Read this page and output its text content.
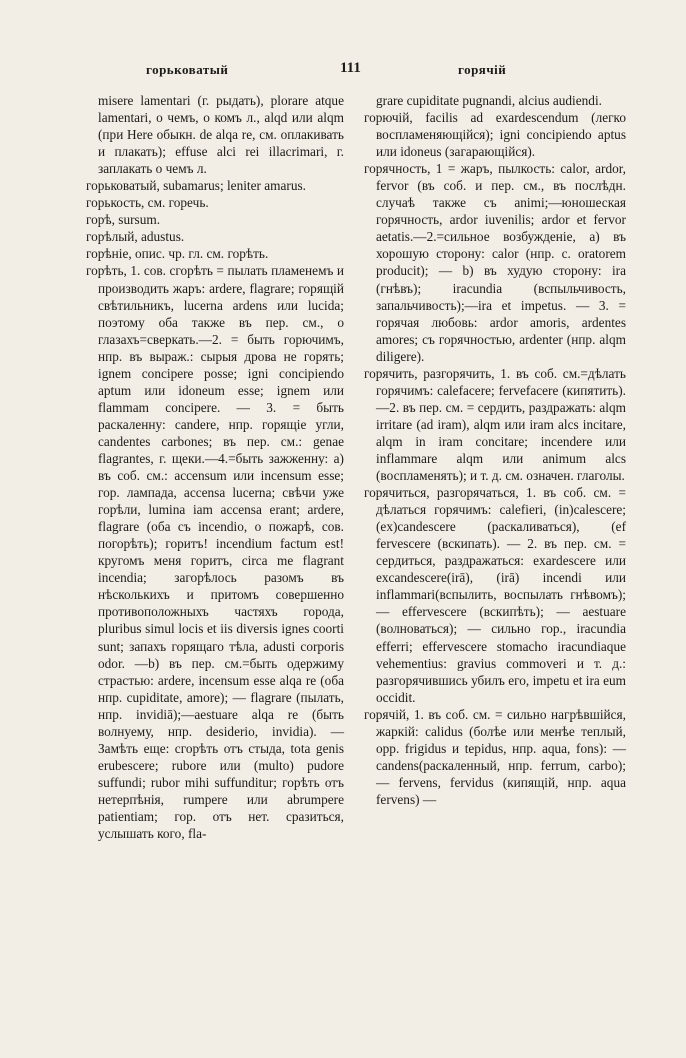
горьковатый	111	горячій

misere lamentari (г. рыдать), plorare atque lamentari, о чемъ, о комъ л., alqd или alqm (при Here обыкн. de alqa re, см. оплакивать и плакать); effuse alci rei illacrimari, г. заплакать о чемъ л.

горьковатый, subamarus; leniter amarus.

горькость, см. горечь.

горѣ, sursum.

горѣлый, adustus.

горѣніе, опис. чр. гл. см. горѣть.

горѣть, 1. сов. сгорѣть = пылать пламенемъ и производить жаръ: ardere, flagrare; горящій свѣтильникъ, lucerna ardens или lucida; поэтому оба также въ пер. см., о глазахъ=сверкать.—2. = быть горючимъ, нпр. въ выраж.: сырыя дрова не горять; ignem concipere posse; igni concipiendo aptum или idoneum esse; ignem или flammam concipere. — 3. = быть раскаленну: candere, нпр. горящіе угли, candentes carbones; въ пер. см.: genae flagrantes, г. щеки.—4.=быть зажженну: а) въ соб. см.: accensum или incensum esse; гор. лампада, accensa lucerna; свѣчи уже горѣли, lumina iam accensa erant; ardere, flagrare (оба съ incendio, о пожарѣ, сов. погорѣть); горитъ! incendium factum est! кругомъ меня горитъ, circa me flagrant incendia; загорѣлось разомъ въ нѣсколькихъ и притомъ совершенно противоположныхъ частяхъ города, pluribus simul locis et iis diversis ignes coorti sunt; запахъ горящаго тѣла, adusti corporis odor. —b) въ пер. см.=быть одержиму страстью: ardere, incensum esse alqa re (оба нпр. cupiditate, amore); — flagrare (пылать, нпр. invidiā);—aestuare alqa re (быть волнуему, нпр. desiderio, invidia). — Замѣть еще: сгорѣть отъ стыда, tota genis erubescere; rubore или (multo) pudore suffundi; rubor mihi suffunditur; горѣть отъ нетерпѣнія, rumpere или abrumpere patientiam; гор. отъ нет. сразиться, услышать кого, fla-

grare cupiditate pugnandi, alcius audiendi.

горючій, facilis ad exardescendum (легко воспламеняющійся); igni concipiendo aptus или idoneus (загарающійся).

горячность, 1 = жаръ, пылкость: calor, ardor, fervor (въ соб. и пер. см., въ послѣдн. случаѣ также съ animi;—юношеская горячность, ardor iuvenilis; ardor et fervor aetatis.—2.=сильное возбужденіе, а) въ хорошую сторону: calor (нпр. с. oratorem producit); — b) въ худую сторону: ira (гнѣвъ); iracundia (вспыльчивость, запальчивость);—ira et impetus. — 3. = горячая любовь: ardor amoris, ardentes amores; съ горячностью, ardenter (нпр. alqm diligere).

горячить, разгорячить, 1. въ соб. см.=дѣлать горячимъ: calefacere; fervefacere (кипятить).—2. въ пер. см. = сердить, раздражать: alqm irritare (ad iram), alqm или iram alcs incitare, alqm in iram concitare; incendere или inflammare alqm или animum alcs (воспламенять); и т. д. см. означен. глаголы.

горячиться, разгорячаться, 1. въ соб. см. = дѣлаться горячимъ: calefieri, (in)calescere; (ex)candescere (раскаливаться), (ef fervescere (вскипать). — 2. въ пер. см. = сердиться, раздражаться: exardescere или excandescere(irā), (irā) incendi или inflammari(вспылить, воспылать гнѣвомъ); — effervescere (вскипѣть); — aestuare (волноваться); — сильно гор., iracundia efferri; effervescere stomacho iracundiaque vehementius: gravius commoveri и т. д.: разгорячившись убилъ его, impetu et ira eum occidit.

горячій, 1. въ соб. см. = сильно нагрѣвшійся, жаркій: calidus (болѣе или менѣе теплый, орр. frigidus и tepidus, нпр. aqua, fons): —candens(раскаленный, нпр. ferrum, carbo); — fervens, fervidus (кипящій, нпр. aqua fervens) —
